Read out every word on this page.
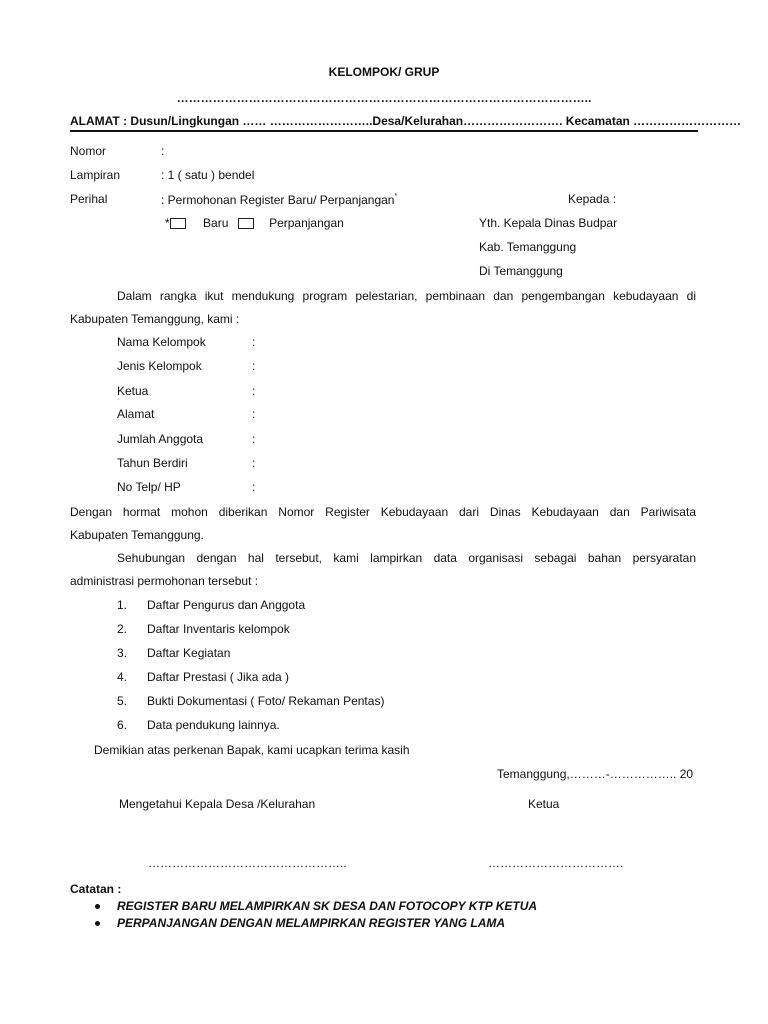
KELOMPOK/ GRUP
…………………………………………………………………………………………..
ALAMAT : Dusun/Lingkungan …… ……………………..Desa/Kelurahan……………………. Kecamatan ………………………
Nomor	:
Lampiran	: 1 ( satu ) bendel
Perihal	: Permohonan Register Baru/ Perpanjangan*
*	Baru	Perpanjangan
Kepada :
Yth. Kepala Dinas Budpar
Kab. Temanggung
Di Temanggung
Dalam rangka ikut mendukung program pelestarian, pembinaan dan pengembangan kebudayaan di
Kabupaten Temanggung, kami :
Nama Kelompok	:
Jenis Kelompok	:
Ketua	:
Alamat	:
Jumlah Anggota	:
Tahun Berdiri	:
No Telp/ HP	:
Dengan hormat mohon diberikan Nomor Register Kebudayaan dari Dinas Kebudayaan dan Pariwisata
Kabupaten Temanggung.
Sehubungan dengan hal tersebut, kami lampirkan data organisasi sebagai bahan persyaratan
administrasi permohonan tersebut :
1. Daftar Pengurus dan Anggota
2. Daftar Inventaris kelompok
3. Daftar Kegiatan
4. Daftar Prestasi ( Jika ada )
5. Bukti Dokumentasi ( Foto/ Rekaman Pentas)
6. Data pendukung lainnya.
Demikian atas perkenan Bapak, kami ucapkan terima kasih
Temanggung,………-…………….. 20
Mengetahui Kepala Desa /Kelurahan	Ketua
…………………………………………..	…………………………….
Catatan :
REGISTER BARU MELAMPIRKAN SK DESA DAN FOTOCOPY KTP KETUA
PERPANJANGAN DENGAN MELAMPIRKAN REGISTER YANG LAMA
